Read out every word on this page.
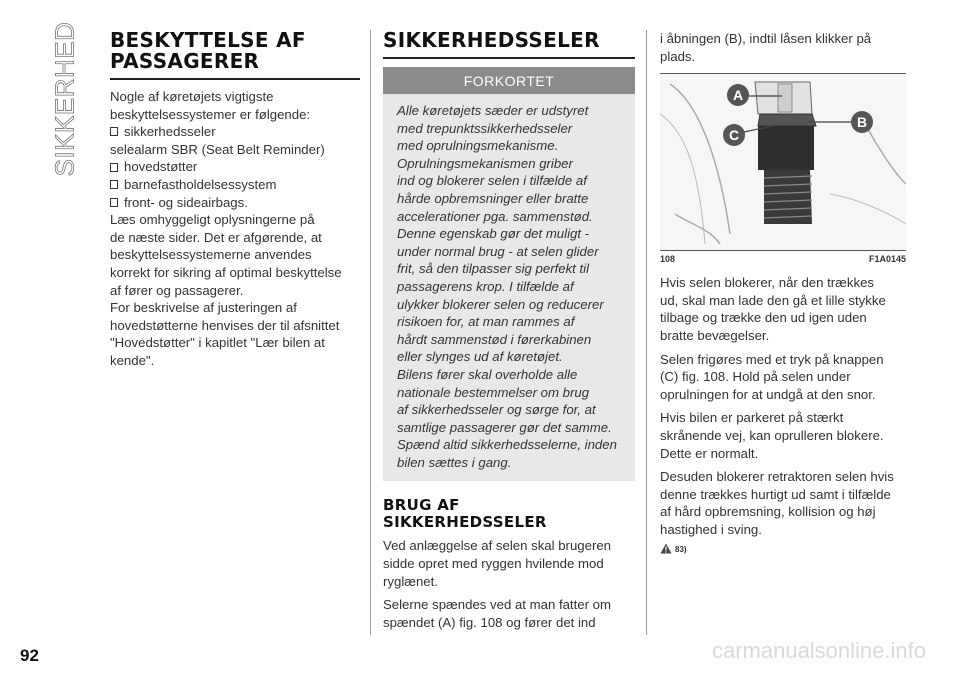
SIKKERHED BESKYTTELSE AF
PASSAGERER

Nogle af køretøjets vigtigste
beskyttelsessystemer er følgende:

sikkerhedsseler
selealarm SBR (Seat Belt Reminder)
hovedstøtter
barnefastholdelsessystem
front- og sideairbags.

Læs omhyggeligt oplysningerne på
de næste sider. Det er afgørende, at
beskyttelsessystemerne anvendes
korrekt for sikring af optimal beskyttelse
af fører og passagerer.

For beskrivelse af justeringen af
hovedstøtterne henvises der til afsnittet
"Hovedstøtter" i kapitlet "Lær bilen at
kende".

SIKKERHEDSSELER
FORKORTET

Alle køretøjets sæder er udstyret
med trepunktssikkerhedsseler
med oprulningsmekanisme.
Oprulningsmekanismen griber
ind og blokerer selen i tilfælde af
hårde opbremsninger eller bratte
accelerationer pga. sammenstød.
Denne egenskab gør det muligt -
under normal brug - at selen glider
frit, så den tilpasser sig perfekt til
passagerens krop. I tilfælde af
ulykker blokerer selen og reducerer
risikoen for, at man rammes af
hårdt sammenstød i førerkabinen
eller slynges ud af køretøjet.
Bilens fører skal overholde alle
nationale bestemmelser om brug
af sikkerhedsseler og sørge for, at
samtlige passagerer gør det samme.
Spænd altid sikkerhedsselerne, inden
bilen sættes i gang.

BRUG AF
SIKKERHEDSSELER

Ved anlæggelse af selen skal brugeren
sidde opret med ryggen hvilende mod
ryglænet.

Selerne spændes ved at man fatter om
spændet (A) fig. 108 og fører det ind

i åbningen (B), indtil låsen klikker på
plads.

A
C
B
108	F1A0145

Hvis selen blokerer, når den trækkes
ud, skal man lade den gå et lille stykke
tilbage og trække den ud igen uden
bratte bevægelser.

Selen frigøres med et tryk på knappen
(C) fig. 108. Hold på selen under
oprulningen for at undgå at den snor.

Hvis bilen er parkeret på stærkt
skrånende vej, kan oprulleren blokere.
Dette er normalt.

Desuden blokerer retraktoren selen hvis
denne trækkes hurtigt ud samt i tilfælde
af hård opbremsning, kollision og høj
hastighed i sving.

83)
92	carmanualsonline.info
